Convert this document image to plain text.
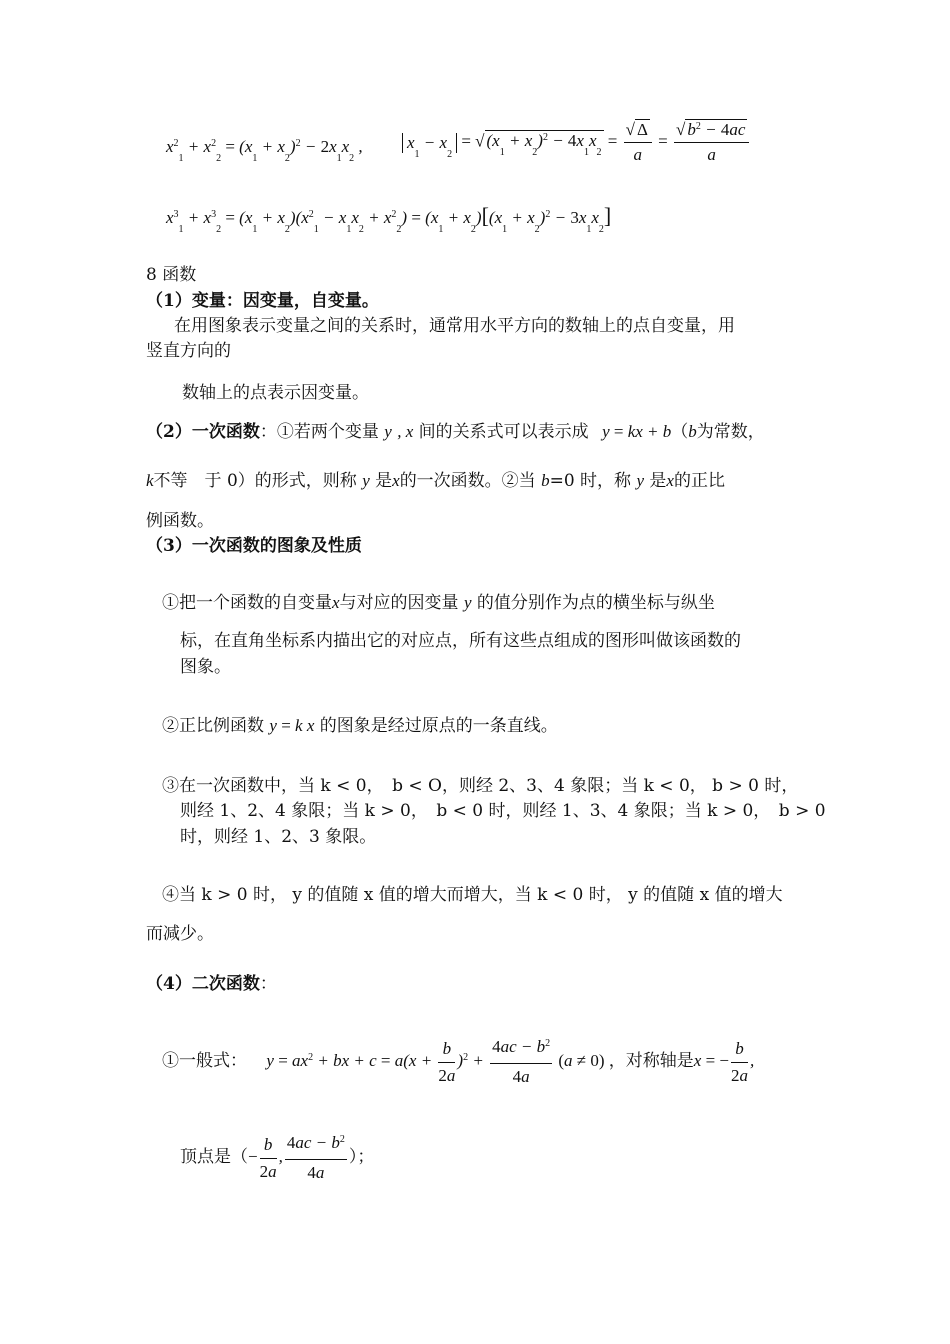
$x^2_1 + x^2_2 = (x_1 + x_2)^2 - 2x_1x_2$ ,	$x_1 - x_2$ = √ $(x_1 + x_2)^2 - 4x_1x_2 = \frac{√ \Delta}{a} = \frac{√ b^2 - 4ac}{a}$
$x^3_1 + x^3_2 = (x_1 + x_2)(x^2_1 - x_1x_2 + x^2_2) = (x_1 + x_2)[(x_1 + x_2)^2 - 3x_1x_2]$
8 函数
（1）变量：因变量，自变量。
在用图象表示变量之间的关系时，通常用水平方向的数轴上的点自变量，用
竖直方向的
数轴上的点表示因变量。
（2）一次函数：①若两个变量 y , x 间的关系式可以表示成 y = kx + b（b为常数，
k不等　于 0）的形式，则称 y 是x的一次函数。②当 b=0 时，称 y 是x的正比
例函数。
（3）一次函数的图象及性质
①把一个函数的自变量x与对应的因变量 y 的值分别作为点的横坐标与纵坐
标，在直角坐标系内描出它的对应点，所有这些点组成的图形叫做该函数的
图象。
②正比例函数 y = k x 的图象是经过原点的一条直线。
③在一次函数中，当 k < 0，　b < O，则经 2、3、4 象限；当 k < 0， b > 0 时，
则经 1、2、4 象限；当 k > 0，　b < 0 时，则经 1、3、4 象限；当 k > 0，　b > 0
时，则经 1、2、3 象限。
④当 k > 0 时， y 的值随 x 值的增大而增大，当 k < 0 时， y 的值随 x 值的增大
而减少。
（4）二次函数：
①一般式： $y = ax^2$ + bx + $c = a(x + \frac{b}{2a} )^2 + \frac{4ac - b^2}{4a} (a \ne 0)$ ，对称轴是x = − $\frac{b}{2a}$ ,
顶点是（− $\frac{b}{2a}$ , $\frac{4ac - b^2}{4a}$ ）；
